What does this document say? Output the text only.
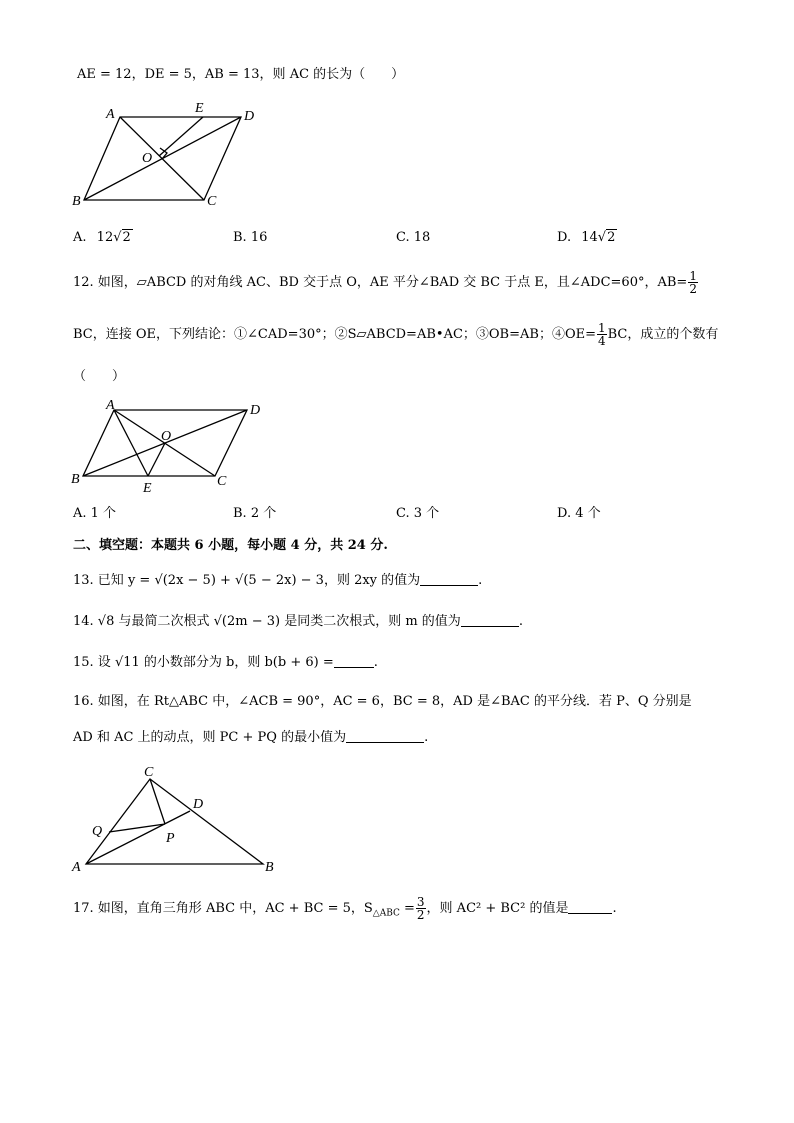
AE = 12，DE = 5，AB = 13，则 AC 的长为（　　）
A	E
D
O
B	C
A. 12√2	B. 16	C. 18	D. 14√2
12. 如图，▱ABCD 的对角线 AC、BD 交于点 O，AE 平分∠BAD 交 BC 于点 E，且∠ADC=60°，$AB= \frac{1}{2}$
BC，连接 OE，下列结论：①∠CAD=30°；②S▱ABCD=AB•AC；③OB=AB；④OE= $\frac{1}{4}$ BC，成立的个数有
（　　）
A	D
O
B
E	C
A. 1 个	B. 2 个	C. 3 个	D. 4 个
二、填空题：本题共 6 小题，每小题 4 分，共 24 分.
13. 已知 y = √(2x − 5) + √(5 − 2x) − 3，则 2xy 的值为	.
14. √8 与最简二次根式 √(2m − 3) 是同类二次根式，则 m 的值为	.
15. 设 √11 的小数部分为 b，则 b(b + 6) =	.
16. 如图，在 Rt△ABC 中，∠ACB = 90°，AC = 6，BC = 8，AD 是∠BAC 的平分线．若 P、Q 分别是
AD 和 AC 上的动点，则 PC + PQ 的最小值为	.
C
D
Q	P
A	B
17. 如图，直角三角形 ABC 中，AC + BC = 5，$S_{\triangle ABC} = \frac{3}{2}$ ，则 AC² + BC² 的值是	.
